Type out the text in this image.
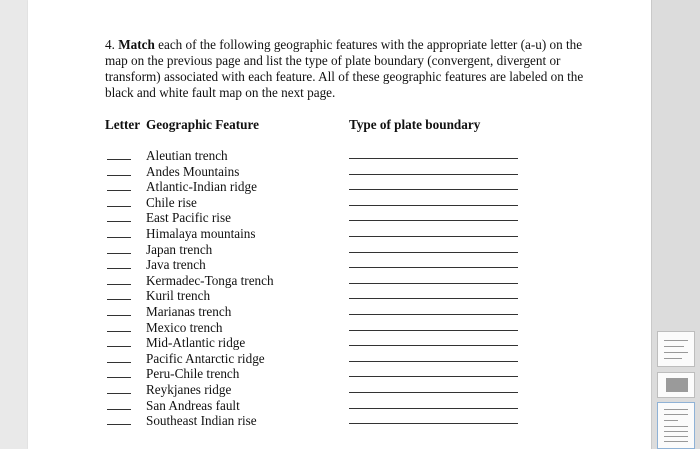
4. Match each of the following geographic features with the appropriate letter (a-u) on the map on the previous page and list the type of plate boundary (convergent, divergent or transform) associated with each feature. All of these geographic features are labeled on the black and white fault map on the next page.
Letter Geographic Feature	Type of plate boundary
Aleutian trench
Andes Mountains
Atlantic-Indian ridge
Chile rise
East Pacific rise
Himalaya mountains
Japan trench
Java trench
Kermadec-Tonga trench
Kuril trench
Marianas trench
Mexico trench
Mid-Atlantic ridge
Pacific Antarctic ridge
Peru-Chile trench
Reykjanes ridge
San Andreas fault
Southeast Indian rise
